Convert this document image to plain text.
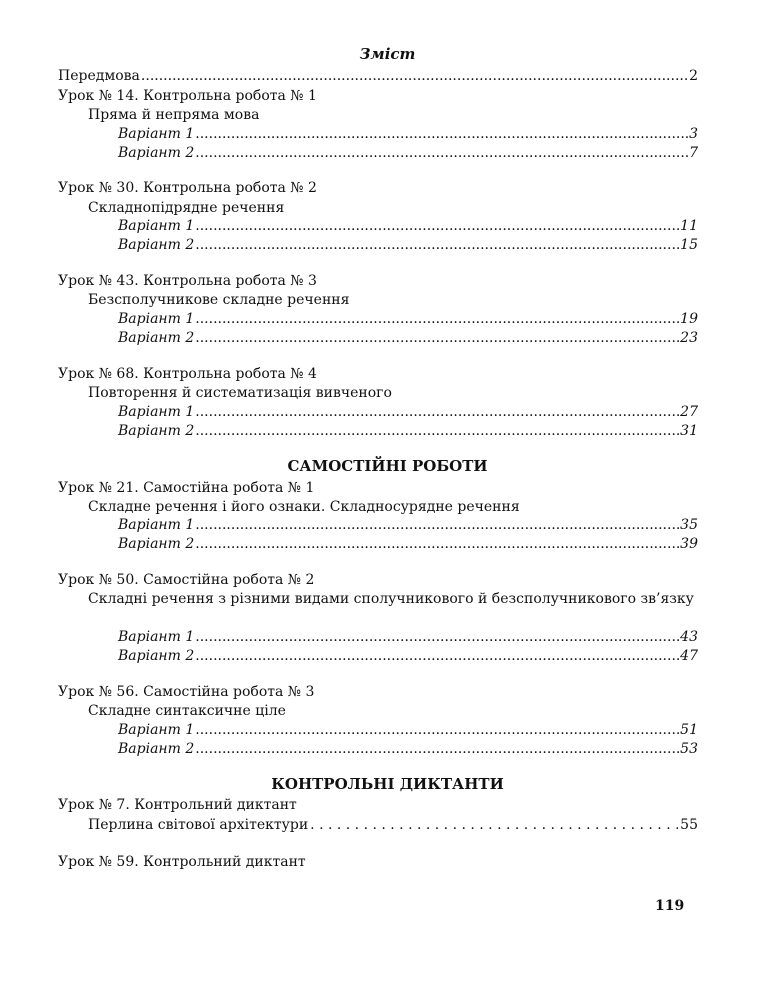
Зміст
Передмова .....	2
Урок № 14. Контрольна робота № 1
Пряма й непряма мова
Варіант 1 .....	3
Варіант 2 .....	7
Урок № 30. Контрольна робота № 2
Складнопідрядне речення
Варіант 1 .....	11
Варіант 2 .....	15
Урок № 43. Контрольна робота № 3
Безсполучникове складне речення
Варіант 1 .....	19
Варіант 2 .....	23
Урок № 68. Контрольна робота № 4
Повторення й систематизація вивченого
Варіант 1 .....	27
Варіант 2 .....	31
САМОСТІЙНІ РОБОТИ
Урок № 21. Самостійна робота № 1
Складне речення і його ознаки. Складносурядне речення
Варіант 1 .....	35
Варіант 2 .....	39
Урок № 50. Самостійна робота № 2
Складні речення з різними видами сполучникового й безсполучникового зв’язку
Варіант 1 .....	43
Варіант 2 .....	47
Урок № 56. Самостійна робота № 3
Складне синтаксичне ціле
Варіант 1 .....	51
Варіант 2 .....	53
КОНТРОЛЬНІ ДИКТАНТИ
Урок № 7. Контрольний диктант
Перлина світової архітектури . . .	55
Урок № 59. Контрольний диктант
119
